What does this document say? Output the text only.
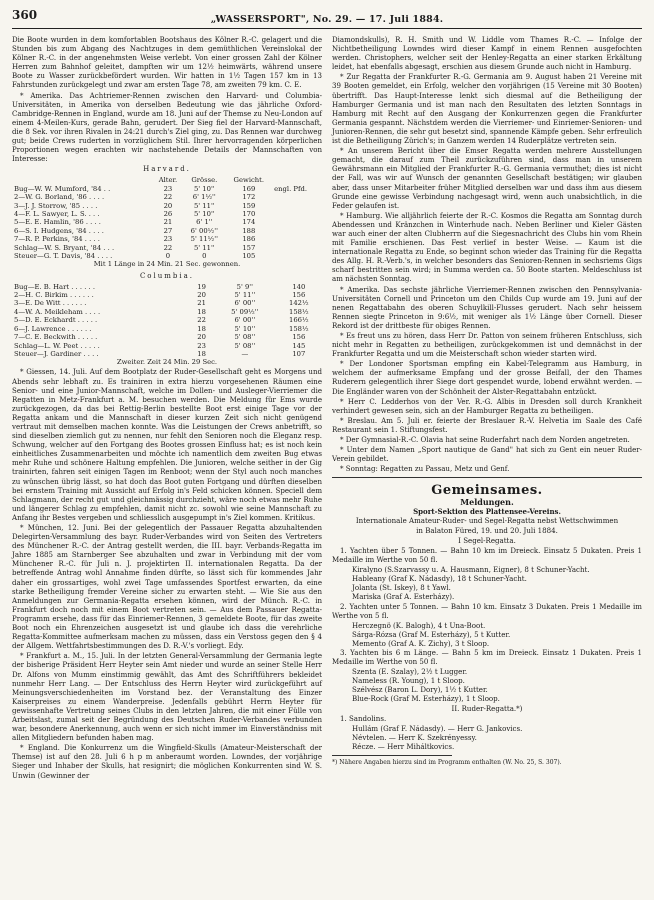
360	„WASSERSPORT", No. 29. — 17. Juli 1884.

Die Boote wurden in dem komfortablen Bootshaus des Kölner R.-C. gelagert und die Stunden bis zum Abgang des Nachtzuges in dem gemüthlichen Vereinslokal der Kölner R.-C. in der angenehmsten Weise verlebt. Von einer grossen Zahl der Kölner Herren zum Bahnhof geleitet, dampften wir um 12½ heimwärts, während unsere Boote zu Wasser zurückbefördert wurden. Wir hatten in 1½ Tagen 157 km in 13 Fahrstunden zurückgelegt und zwar am ersten Tage 78, am zweiten 79 km. C. E.

* Amerika. Das Achtriemer-Rennen zwischen den Harvard- und Columbia-Universitäten, in Amerika von derselben Bedeutung wie das jährliche Oxford-Cambridge-Rennen in England, wurde am 18. Juni auf der Themse zu Neu-London auf einem 4-Meilen-Kurs, gerade Bahn, gerudert. Der Sieg fiel der Harvard-Mannschaft, die 8 Sek. vor ihren Rivalen in 24:21 durch's Ziel ging, zu. Das Rennen war durchweg gut; beide Crews ruderten in vorzüglichem Stil. Ihrer hervorragenden körperlichen Proportionen wegen erachten wir nachstehende Details der Mannschaften von Interesse:

Harvard.
	Alter.	Grösse.	Gewicht.	
Bug—W. W. Mumford, '84 . .	23	5' 10''	169	engl. Pfd.
2—W. G. Borland, '86 . . . .	22	6' 1½''	172	
3—J. J. Storrow, '85 . . . .	20	5' 11''	159	
4—F. L. Sawyer, L. S. . . .	26	5' 10''	170	
5—E. E. Hamlin, '86 . . . .	21	6' 1''	174	
6—S. I. Hudgens, '84 . . . .	27	6' 00½''	188	
7—R. P. Perkins, '84 . . . .	23	5' 11½''	186	
Schlag—W. S. Bryant, '84 . . .	22	5' 11''	157	
Steuer—G. T. Davis, '84 . . . .	0	0	105	
Mit 1 Länge in 24 Min. 21 Sec. gewonnen.
Columbia.
Bug—E. B. Hart . . . . . .	19	5' 9''	140
2—H. C. Birkim . . . . . .	20	5' 11''	156
3—E. De Witt . . . . . .	21	6' 00''	142½
4—W. A. Meikleham . . . .	18	5' 09½''	158½
5—D. E. Eckhardt . . . . .	22	6' 00''	166½
6—J. Lawrence . . . . . .	18	5' 10''	158½
7—C. E. Beckwith . . . . .	20	5' 08''	156
Schlag—L. W. Peet . . . . .	23	5' 08''	145
Steuer—J. Gardiner . . . .	18	—	107
Zweiter. Zeit 24 Min. 29 Sec.

* Giessen, 14. Juli. Auf dem Bootplatz der Ruder-Gesellschaft geht es Morgens und Abends sehr lebhaft zu. Es trainiren in extra hierzu vorgesehenen Räumen eine Senior- und eine Junior-Mannschaft, welche im Dollen- und Ausleger-Vierriemer die Regatten in Metz-Frankfurt a. M. besuchen werden. Die Meldung für Ems wurde zurückgezogen, da das bei Rettig-Berlin bestellte Boot erst einige Tage vor der Regatta ankam und die Mannschaft in dieser kurzen Zeit sich nicht genügend vertraut mit demselben machen konnte. Was die Leistungen der Crews anbetrifft, so sind dieselben ziemlich gut zu nennen, nur fehlt den Senioren noch die Eleganz resp. Schwung, welcher auf den Fortgang des Bootes grossen Einfluss hat; es ist noch kein einheitliches Zusammenarbeiten und möchte ich namentlich dem zweiten Bug etwas mehr Ruhe und schönere Haltung empfehlen. Die Junioren, welche seither in der Gig trainirten, fahren seit einigen Tagen im Renboot; wenn der Styl auch noch manches zu wünschen übrig lässt, so hat doch das Boot guten Fortgang und dürften dieselben bei ernstem Training mit Aussicht auf Erfolg in's Feld schicken können. Speciell dem Schlagmann, der recht gut und gleichmässig durchzieht, wäre noch etwas mehr Ruhe und längerer Schlag zu empfehlen, damit nicht zc. sowohl wie seine Mannschaft zu Anfang ihr Bestes vergeben und schliesslich ausgepumpt in's Ziel kommen. Kritikus.

* München, 12. Juni. Bei der gelegentlich der Passauer Regatta abzuhaltenden Delegirten-Versammlung des bayr. Ruder-Verbandes wird von Seiten des Vertreters des Münchener R.-C. der Antrag gestellt werden, die III. bayr. Verbands-Regatta im Jahre 1885 am Starnberger See abzuhalten und zwar in Verbindung mit der vom Münchener R.-C. für Juli n. J. projektirten II. internationalen Regatta. Da der betreffende Antrag wohl Annahme finden dürfte, so lässt sich für kommendes Jahr daher ein grossartiges, wohl zwei Tage umfassendes Sportfest erwarten, da eine starke Betheiligung fremder Vereine sicher zu erwarten steht. — Wie Sie aus den Anmeldungen zur Germania-Regatta ersehen können, wird der Münch. R.-C. in Frankfurt doch noch mit einem Boot vertreten sein. — Aus dem Passauer Regatta-Programm ersehe, dass für das Einriemer-Rennen, 3 gemeldete Boote, für das zweite Boot noch ein Ehrenzeichen ausgesetzt ist und glaube ich dass die verehrliche Regatta-Kommittee aufmerksam machen zu müssen, dass ein Verstoss gegen den § 4 der Allgem. Wettfahrtsbestimmungen des D. R.-V.'s vorliegt. Edy.

* Frankfurt a. M., 15. Juli. In der letzten General-Versammlung der Germania legte der bisherige Präsident Herr Heyter sein Amt nieder und wurde an seiner Stelle Herr Dr. Alfons von Mumm einstimmig gewählt, das Amt des Schriftführers bekleidet nunmehr Herr Lang. — Der Entschluss des Herrn Heyter wird zurückgeführt auf Meinungsverschiedenheiten im Vorstand bez. der Veranstaltung des Einzer Kaiserpreises zu einem Wanderpreise. Jedenfalls gebührt Herrn Heyter für gewissenhafte Vertretung seines Clubs in den letzten Jahren, die mit einer Fülle von Arbeitslast, zumal seit der Begründung des Deutschen Ruder-Verbandes verbunden war, besondere Anerkennung, auch wenn er sich nicht immer im Einverständniss mit allen Mitgliedern befunden haben mag.

* England. Die Konkurrenz um die Wingfield-Skulls (Amateur-Meisterschaft der Themse) ist auf den 28. Juli 6 h p m anberaumt worden. Lowndes, der vorjährige Sieger und Inhaber der Skulls, hat resignirt; die möglichen Konkurrenten sind W. S. Unwin (Gewinner der

Diamondskulls), R. H. Smith und W. Liddle vom Thames R.-C. — Infolge der Nichtbetheiligung Lowndes wird dieser Kampf in einem Rennen ausgefochten werden. Christophers, welcher seit der Henley-Regatta an einer starken Erkältung leidet, hat ebenfalls abgesagt, erschien aus diesem Grunde auch nicht in Hamburg.

* Zur Regatta der Frankfurter R.-G. Germania am 9. August haben 21 Vereine mit 39 Booten gemeldet, ein Erfolg, welcher den vorjährigen (15 Vereine mit 30 Booten) übertrifft. Das Haupt-Interesse lenkt sich diesmal auf die Betheiligung der Hamburger Germania und ist man nach den Resultaten des letzten Sonntags in Hamburg mit Recht auf den Ausgang der Konkurrenzen gegen die Frankfurter Germania gespannt. Nächstdem werden die Vierriemer- und Einriemer-Senioren- und Junioren-Rennen, die sehr gut besetzt sind, spannende Kämpfe geben. Sehr erfreulich ist die Betheiligung Zürich's; in Ganzem werden 14 Ruderplätze vertreten sein.

* An unserem Bericht über die Emser Regatta werden mehrere Ausstellungen gemacht, die darauf zum Theil zurückzuführen sind, dass man in unserem Gewährsmann ein Mitglied der Frankfurter R.-G. Germania vermuthet; dies ist nicht der Fall, was wir auf Wunsch der genannten Gesellschaft bestätigen; wir glauben aber, dass unser Mitarbeiter früher Mitglied derselben war und dass ihm aus diesem Grunde eine gewisse Verbindung nachgesagt wird, wenn auch unabsichtlich, in die Feder gelaufen ist.

* Hamburg. Wie alljährlich feierte der R.-C. Kosmos die Regatta am Sonntag durch Abendessen und Kränzchen in Winterhude nach. Neben Berliner und Kieler Gästen war auch einer der alten Clubherrn auf die Siegesnachricht des Clubs hin vom Rhein mit Familie erschienen. Das Fest verlief in bester Weise. — Kaum ist die internationale Regatta zu Ende, so beginnt schon wieder das Training für die Regatta des Allg. H. R.-Verb.'s, in welcher besonders das Senioren-Rennen in sechsriems Gigs scharf bestritten sein wird; in Summa werden ca. 50 Boote starten. Meldeschluss ist am nächsten Sonntag.

* Amerika. Das sechste jährliche Vierriemer-Rennen zwischen den Pennsylvania-Universitäten Cornell und Princeton um den Childs Cup wurde am 19. Juni auf der nenen Regattabahn des oberen Schuylkill-Flusses gerudert. Nach sehr heissem Rennen siegte Princeton in 9:6½, mit weniger als 1½ Länge über Cornell. Dieser Rekord ist der drittbeste für obiges Rennen.

* Es freut uns zu hören, dass Herr Dr. Patton von seinem früheren Entschluss, sich nicht mehr in Regatten zu betheiligen, zurückgekommen ist und demnächst in der Frankfurter Regatta und um die Meisterschaft schon wieder starten wird.

* Der Londoner Sportsman empfing ein Kabel-Telegramm aus Hamburg, in welchem der aufmerksame Empfang und der grosse Beifall, der den Thames Ruderern gelegentlich ihrer Siege dort gespendet wurde, lobend erwähnt werden. — Die Engländer waren von der Schönheit der Alster-Regattabahn entzückt.

* Herr C. Ledderhos von der Ver. R.-G. Albis in Dresden soll durch Krankheit verhindert gewesen sein, sich an der Hamburger Regatta zu betheiligen.

* Breslau. Am 5. Juli er. feierte der Breslauer R.-V. Helvetia im Saale des Café Restaurant sein 1. Stiftungsfest.

* Der Gymnasial-R.-C. Olavia hat seine Ruderfahrt nach dem Norden angetreten.

* Unter dem Namen „Sport nautique de Gand" hat sich zu Gent ein neuer Ruder-Verein gebildet.

* Sonntag: Regatten zu Passau, Metz und Genf.

Gemeinsames.
Meldungen.
Sport-Sektion des Plattensee-Vereins.

Internationale Amateur-Ruder- und Segel-Regatta nebst Wettschwimmen

in Balaton Füred, 19. und 20. Juli 1884.

I Segel-Regatta.

1. Yachten über 5 Tonnen. — Bahn 10 km im Dreieck. Einsatz 5 Dukaten. Preis 1 Medaille im Werthe von 50 fl.

Kiralyno (S.Szarvassy u. A. Hausmann, Eigner), 8 t Schuner-Yacht.

Hableany (Graf K. Nádasdy), 18 t Schuner-Yacht.

Jolanta (St. Iskey), 8 t Yawl.

Mariska (Graf A. Esterházy).

2. Yachten unter 5 Tonnen. — Bahn 10 km. Einsatz 3 Dukaten. Preis 1 Medaille im Werthe von 5 fl.

Herczegnö (K. Balogh), 4 t Una-Boot.

Sárga-Rózsa (Graf M. Esterházy), 5 t Kutter.

Memento (Graf A. K. Zichy), 3 t Sloop.

3. Yachten bis 6 m Länge. — Bahn 5 km im Dreieck. Einsatz 1 Dukaten. Preis 1 Medaille im Werthe von 50 fl.

Szenta (E. Szalay), 2½ t Lugger.

Nameless (R. Young), 1 t Sloop.

Szélvész (Baron L. Dory), 1½ t Kutter.

Blue-Rock (Graf M. Esterházy), 1 t Sloop.

II. Ruder-Regatta.*)

1. Sandolins.

Hullám (Graf F. Nádasdy). — Herr G. Jankovics.

Névtelen. — Herr K. Szekrényessy.

Récze. — Herr Miháltkovics.

*) Nähere Angaben hierzu sind im Programm enthalten (W. No. 25, S. 307).
